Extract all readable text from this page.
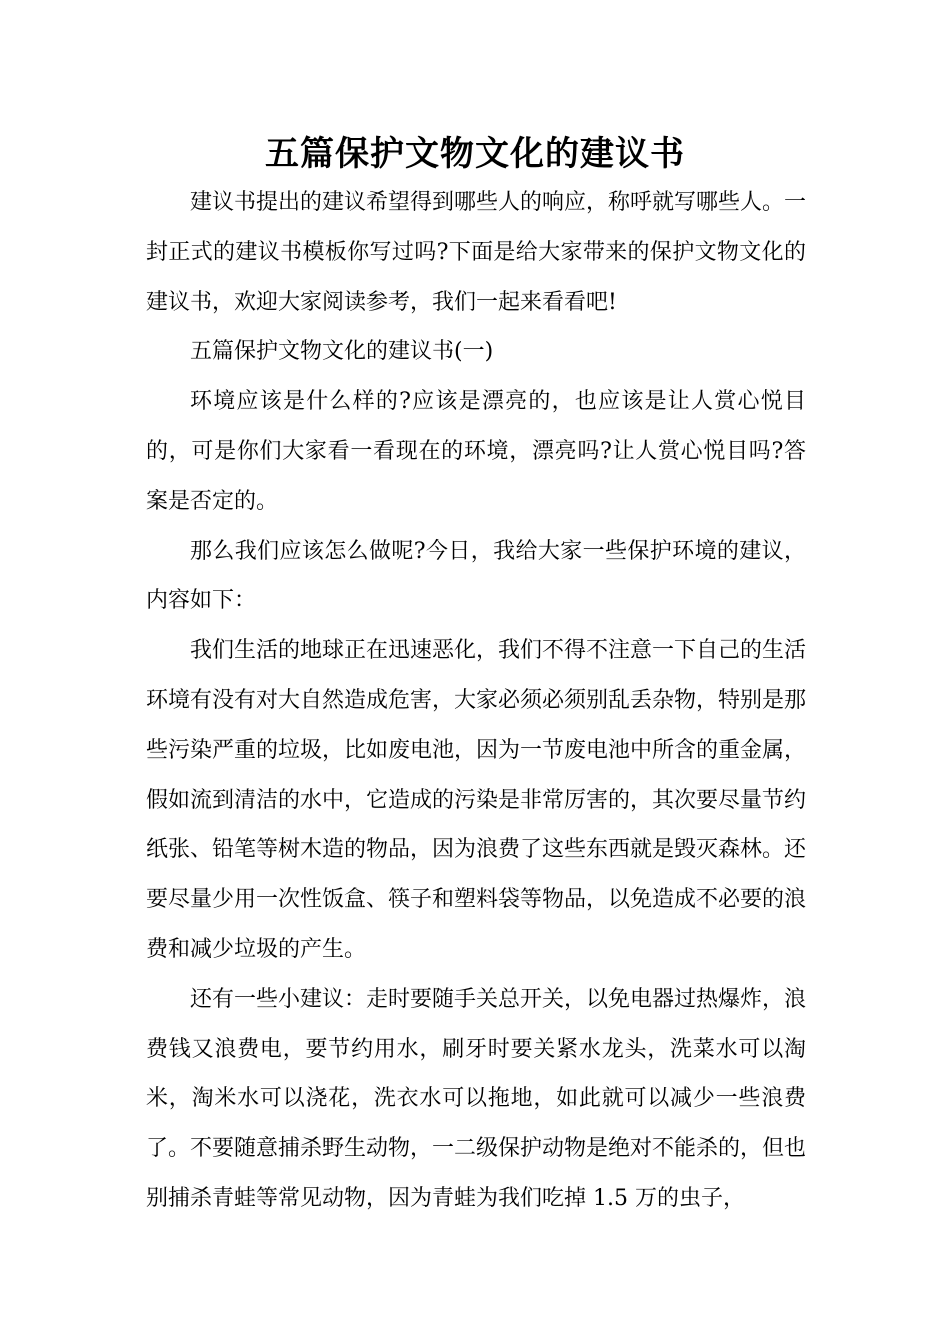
五篇保护文物文化的建议书

建议书提出的建议希望得到哪些人的响应，称呼就写哪些人。一封正式的建议书模板你写过吗?下面是给大家带来的保护文物文化的建议书，欢迎大家阅读参考，我们一起来看看吧!

五篇保护文物文化的建议书(一)

环境应该是什么样的?应该是漂亮的，也应该是让人赏心悦目的，可是你们大家看一看现在的环境，漂亮吗?让人赏心悦目吗?答案是否定的。

那么我们应该怎么做呢?今日，我给大家一些保护环境的建议，内容如下：

我们生活的地球正在迅速恶化，我们不得不注意一下自己的生活环境有没有对大自然造成危害，大家必须必须别乱丢杂物，特别是那些污染严重的垃圾，比如废电池，因为一节废电池中所含的重金属，假如流到清洁的水中，它造成的污染是非常厉害的，其次要尽量节约纸张、铅笔等树木造的物品，因为浪费了这些东西就是毁灭森林。还要尽量少用一次性饭盒、筷子和塑料袋等物品，以免造成不必要的浪费和减少垃圾的产生。

还有一些小建议：走时要随手关总开关，以免电器过热爆炸，浪费钱又浪费电，要节约用水，刷牙时要关紧水龙头，洗菜水可以淘米，淘米水可以浇花，洗衣水可以拖地，如此就可以减少一些浪费了。不要随意捕杀野生动物，一二级保护动物是绝对不能杀的，但也别捕杀青蛙等常见动物，因为青蛙为我们吃掉 1.5 万的虫子，
